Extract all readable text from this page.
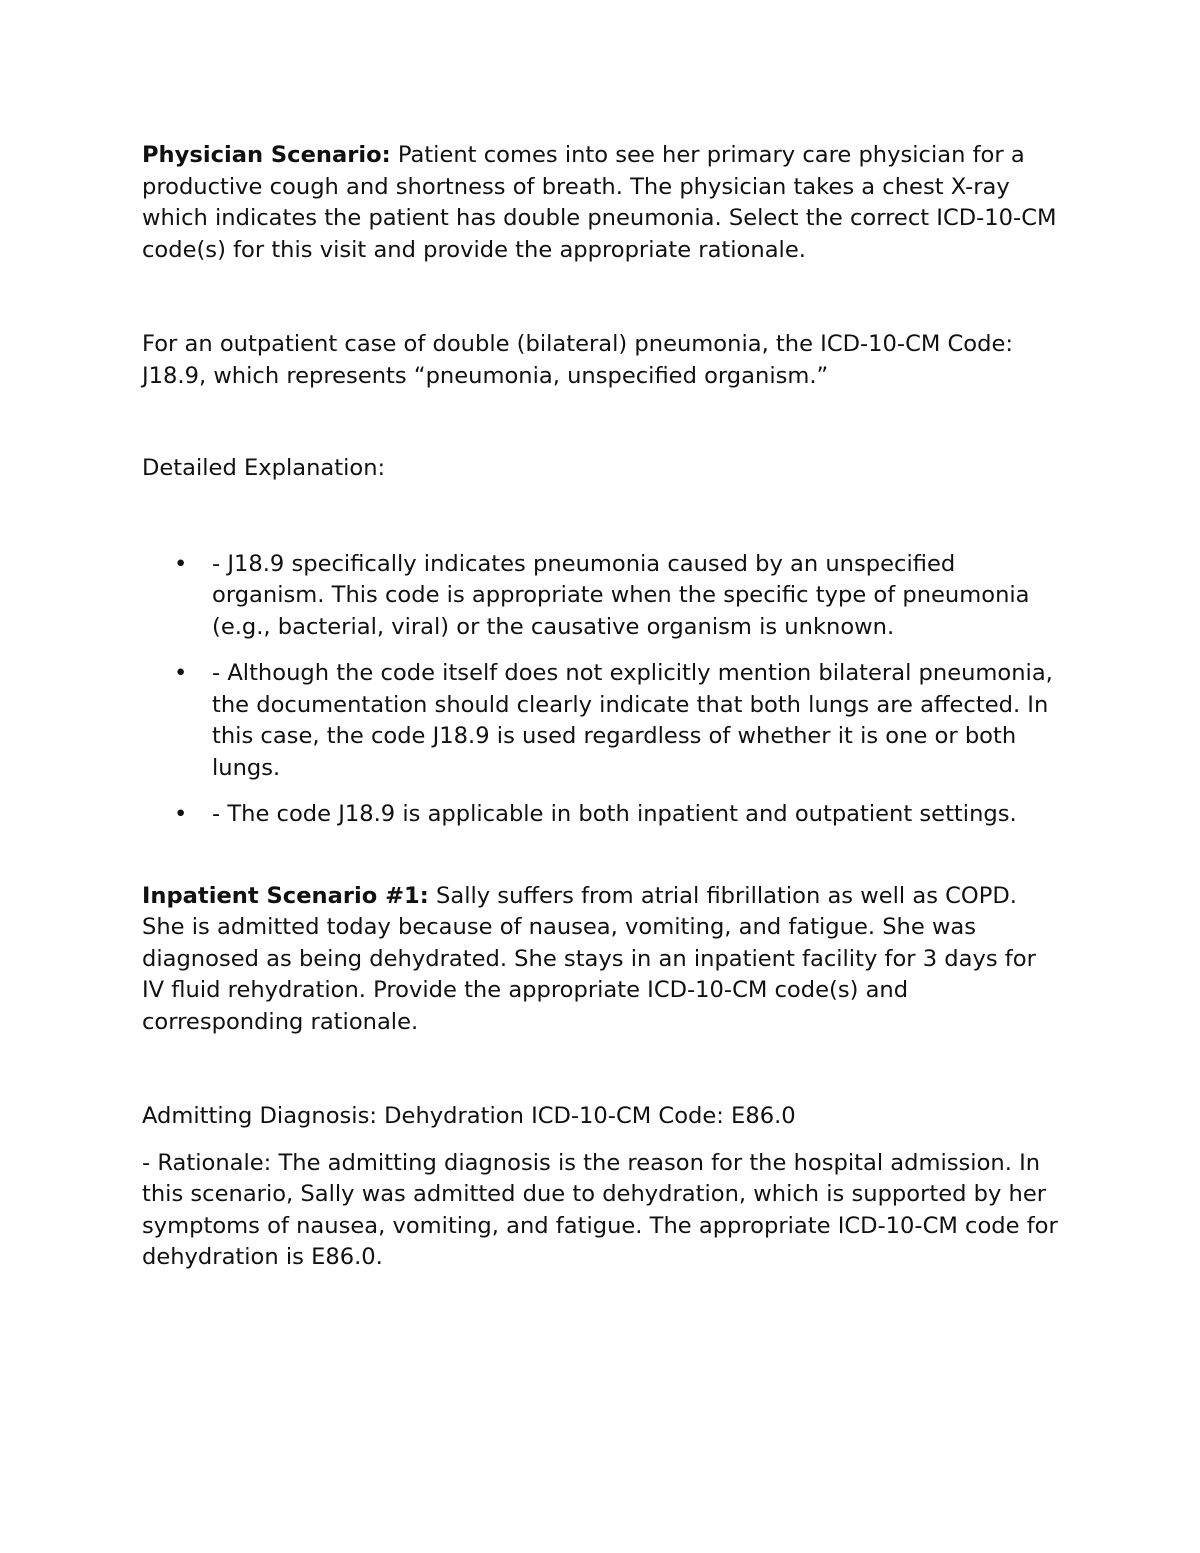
Physician Scenario: Patient comes into see her primary care physician for a productive cough and shortness of breath. The physician takes a chest X-ray which indicates the patient has double pneumonia. Select the correct ICD-10-CM code(s) for this visit and provide the appropriate rationale.

For an outpatient case of double (bilateral) pneumonia, the ICD-10-CM Code: J18.9, which represents “pneumonia, unspecified organism.”

Detailed Explanation:

• - J18.9 specifically indicates pneumonia caused by an unspecified organism. This code is appropriate when the specific type of pneumonia (e.g., bacterial, viral) or the causative organism is unknown.
• - Although the code itself does not explicitly mention bilateral pneumonia, the documentation should clearly indicate that both lungs are affected. In this case, the code J18.9 is used regardless of whether it is one or both lungs.
• - The code J18.9 is applicable in both inpatient and outpatient settings.

Inpatient Scenario #1: Sally suffers from atrial fibrillation as well as COPD. She is admitted today because of nausea, vomiting, and fatigue. She was diagnosed as being dehydrated. She stays in an inpatient facility for 3 days for IV fluid rehydration. Provide the appropriate ICD-10-CM code(s) and corresponding rationale.

Admitting Diagnosis: Dehydration ICD-10-CM Code: E86.0

- Rationale: The admitting diagnosis is the reason for the hospital admission. In this scenario, Sally was admitted due to dehydration, which is supported by her symptoms of nausea, vomiting, and fatigue. The appropriate ICD-10-CM code for dehydration is E86.0.
